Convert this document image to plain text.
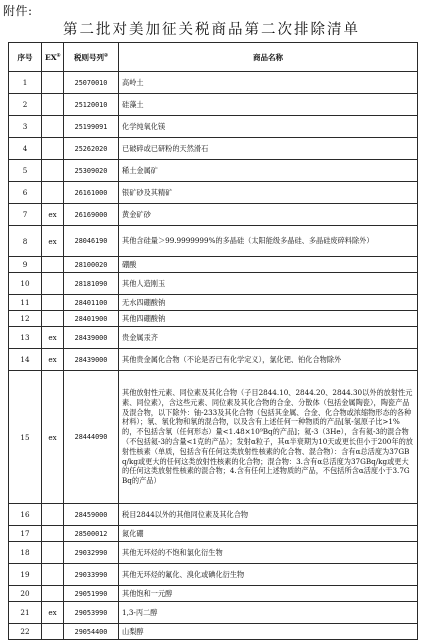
附件:
第二批对美加征关税商品第二次排除清单
序号	EX①	税则号列②	商品名称
1		25070010	高岭土
2		25120010	硅藻土
3		25199091	化学纯氧化镁
4		25262020	已破碎或已研粉的天然滑石
5		25309020	稀土金属矿
6		26161000	银矿砂及其精矿
7	ex	26169000	黄金矿砂
8	ex	28046190	其他含硅量＞99.9999999%的多晶硅（太阳能级多晶硅、多晶硅废碎料除外）
9		28100020	硼酸
10		28181090	其他人造刚玉
11		28401100	无水四硼酸钠
12		28401900	其他四硼酸钠
13	ex	28439000	贵金属汞齐
14	ex	28439000	其他贵金属化合物（不论是否已有化学定义），氯化钯、铂化合物除外
15	ex	28444090	其他放射性元素、同位素及其化合物（子目2844.10、2844.20、2844.30以外的放射性元素、同位素），含这些元素、同位素及其化合物的合金、分散体（包括金属陶瓷），陶瓷产品及混合物，以下除外：铀-233及其化合物（包括其金属、合金、化合物或浓缩物形态的各种材料）；氡、氡化物和氡的混合物，以及含有上述任何一种物质的产品[氡-氢原子比>1%的，不包括含氡（任何形态）量<1.48×10⁹Bq的产品]；氦-3（3He），含有氦-3的混合物（不包括氦-3的含量<1克的产品）；发射α粒子，其α半衰期为10天或更长但小于200年的放射性核素（单质，包括含有任何这类放射性核素的化合物、混合物）：含有α总活度为37GBq/kg或更大的任何这类放射性核素的化合物；混合物：3.含有α总活度为37GBq/kg或更大的任何这类放射性核素的混合物；4.含有任何上述物质的产品，不包括所含α活度小于3.7GBq的产品）
16		28459000	税目2844以外的其他同位素及其化合物
17		28500012	氮化硼
18		29032990	其他无环烃的不饱和氯化衍生物
19		29033990	其他无环烃的氟化、溴化或碘化衍生物
20		29051990	其他饱和一元醇
21	ex	29053990	1,3-丙二醇
22		29054400	山梨醇
